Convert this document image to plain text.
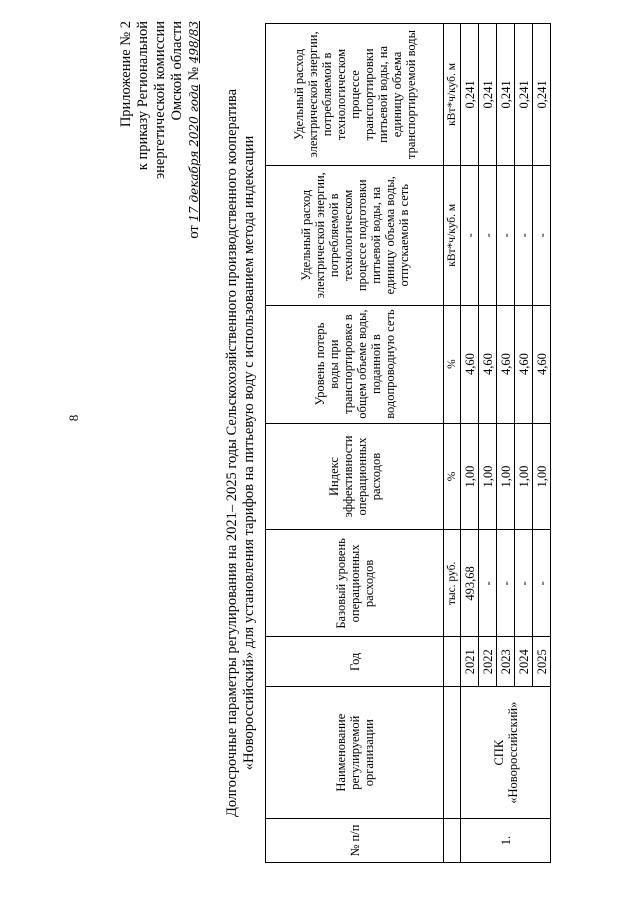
8
Приложение № 2 к приказу Региональной энергетической комиссии Омской области
от 17 декабря 2020 года № 498/83
Долгосрочные параметры регулирования на 2021– 2025 годы Сельскохозяйственного производственного кооператива «Новороссийский» для установления тарифов на питьевую воду с использованием метода индексации
№ п/п	Наименование регулируемой организации	Год	Базовый уровень операционных расходов	Индекс эффективности операционных расходов	Уровень потерь воды при транспортировке в общем объеме воды, поданной в водопроводную сеть	Удельный расход электрической энергии, потребляемой в технологическом процессе подготовки питьевой воды, на единицу объема воды, отпускаемой в сеть	Удельный расход электрической энергии, потребляемой в технологическом процессе транспортировки питьевой воды, на единицу объема транспортируемой воды
			тыс. руб.	%	%	кВт*ч/куб. м	кВт*ч/куб. м
1.	СПК «Новороссийский»	2021	493,68	1,00	4,60	-	0,241
		2022	-	1,00	4,60	-	0,241
		2023	-	1,00	4,60	-	0,241
		2024	-	1,00	4,60	-	0,241
		2025	-	1,00	4,60	-	0,241
